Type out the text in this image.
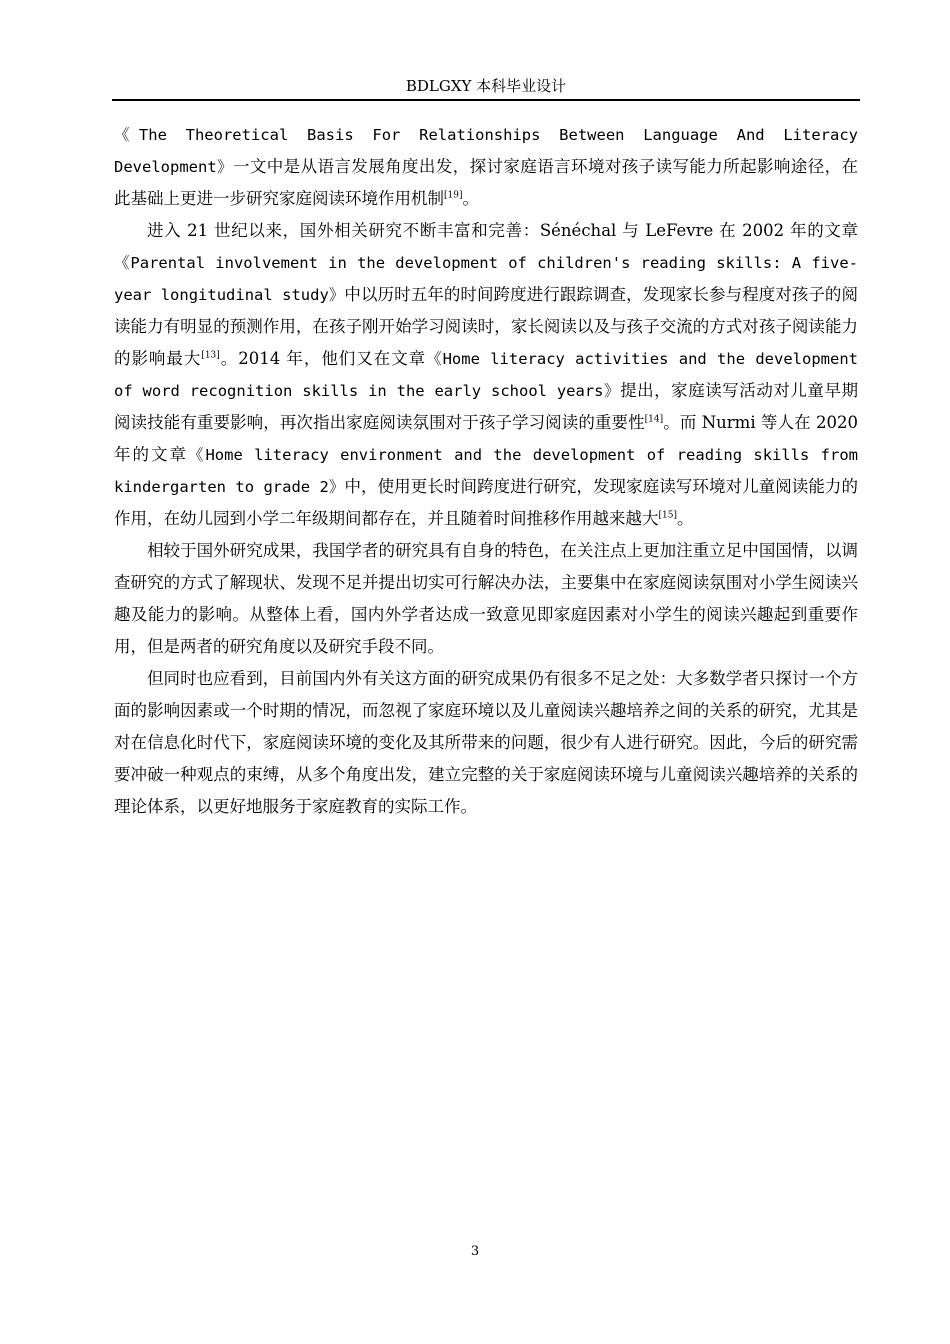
BDLGXY 本科毕业设计

《The Theoretical Basis For Relationships Between Language And Literacy Development》一文中是从语言发展角度出发，探讨家庭语言环境对孩子读写能力所起影响途径，在此基础上更进一步研究家庭阅读环境作用机制[19]。

进入 21 世纪以来，国外相关研究不断丰富和完善：Sénéchal 与 LeFevre 在 2002 年的文章《Parental involvement in the development of children's reading skills: A five-year longitudinal study》中以历时五年的时间跨度进行跟踪调查，发现家长参与程度对孩子的阅读能力有明显的预测作用，在孩子刚开始学习阅读时，家长阅读以及与孩子交流的方式对孩子阅读能力的影响最大[13]。2014 年，他们又在文章《Home literacy activities and the development of word recognition skills in the early school years》提出，家庭读写活动对儿童早期阅读技能有重要影响，再次指出家庭阅读氛围对于孩子学习阅读的重要性[14]。而 Nurmi 等人在 2020 年的文章《Home literacy environment and the development of reading skills from kindergarten to grade 2》中，使用更长时间跨度进行研究，发现家庭读写环境对儿童阅读能力的作用，在幼儿园到小学二年级期间都存在，并且随着时间推移作用越来越大[15]。

相较于国外研究成果，我国学者的研究具有自身的特色，在关注点上更加注重立足中国国情，以调查研究的方式了解现状、发现不足并提出切实可行解决办法，主要集中在家庭阅读氛围对小学生阅读兴趣及能力的影响。从整体上看，国内外学者达成一致意见即家庭因素对小学生的阅读兴趣起到重要作用，但是两者的研究角度以及研究手段不同。

但同时也应看到，目前国内外有关这方面的研究成果仍有很多不足之处：大多数学者只探讨一个方面的影响因素或一个时期的情况，而忽视了家庭环境以及儿童阅读兴趣培养之间的关系的研究，尤其是对在信息化时代下，家庭阅读环境的变化及其所带来的问题，很少有人进行研究。因此，今后的研究需要冲破一种观点的束缚，从多个角度出发，建立完整的关于家庭阅读环境与儿童阅读兴趣培养的关系的理论体系，以更好地服务于家庭教育的实际工作。

3
